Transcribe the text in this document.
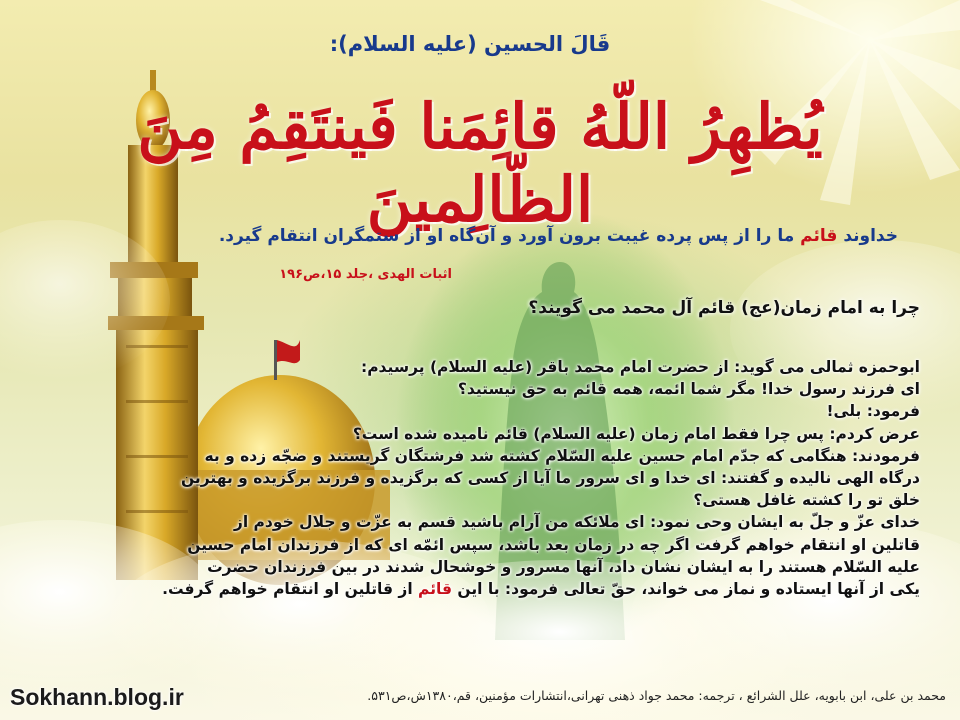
قَالَ الحسین (علیه السلام):
یُظهِرُ اللّهُ قائِمَنا فَینتَقِمُ مِنَ الظّالِمینَ	خداوند قائم ما را از پس پرده غیبت برون آورد و آن‌گاه او از ستمگران انتقام گیرد.
اثبات الهدی ،جلد ۱۵،ص۱۹۶
چرا به امام زمان(عج) قائم آل محمد می گویند؟
ابوحمزه ثمالی می گوید: از حضرت امام محمد باقر (علیه السلام) پرسیدم:
ای فرزند رسول خدا! مگر شما ائمه، همه قائم به حق نیستید؟
فرمود: بلی!
عرض کردم: پس چرا فقط امام زمان (علیه السلام) قائم نامیده شده است؟
فرمودند: هنگامی که جدّم امام حسین علیه السّلام کشته شد فرشتگان گریستند و ضجّه زده و به
درگاه الهی نالیده و گفتند: ای خدا و ای سرور ما آیا از کسی که برگزیده و فرزند برگزیده و بهترین
خلق تو را کشته غافل هستی؟
خدای عزّ و جلّ به ایشان وحی نمود: ای ملائکه من آرام باشید قسم به عزّت و جلال خودم از
قاتلین او انتقام خواهم گرفت اگر چه در زمان بعد باشد، سپس ائمّه ای که از فرزندان امام حسین
علیه السّلام هستند را به ایشان نشان داد، آنها مسرور و خوشحال شدند در بین فرزندان حضرت
یکی از آنها ایستاده و نماز می خواند، حقّ تعالی فرمود: با این قائم از قاتلین او انتقام خواهم گرفت.
Sokhann.blog.ir	محمد بن علی، ابن بابویه، علل الشرائع ، ترجمه: محمد جواد ذهنی تهرانی،انتشارات مؤمنین، قم،۱۳۸۰ش،ص۵۳۱.
